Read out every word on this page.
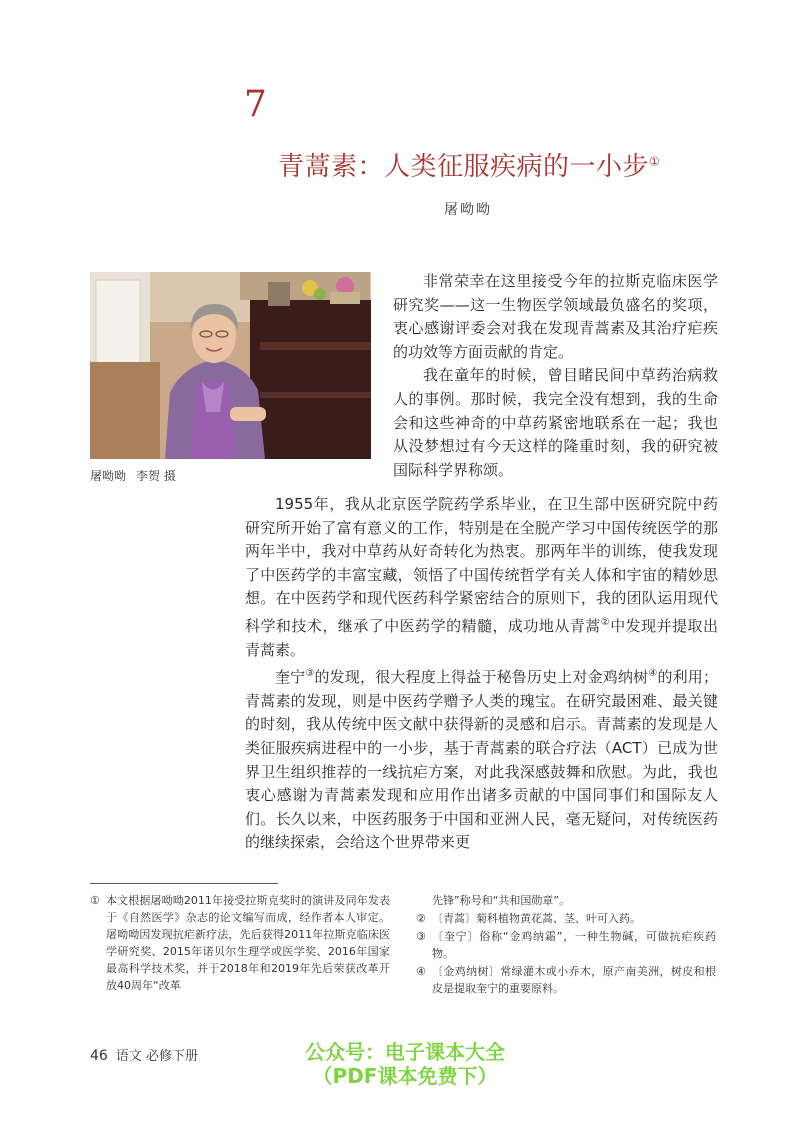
7
青蒿素：人类征服疾病的一小步①
屠呦呦
屠呦呦 李贺 摄

非常荣幸在这里接受今年的拉斯克临床医学研究奖——这一生物医学领域最负盛名的奖项，衷心感谢评委会对我在发现青蒿素及其治疗疟疾的功效等方面贡献的肯定。

我在童年的时候，曾目睹民间中草药治病救人的事例。那时候，我完全没有想到，我的生命会和这些神奇的中草药紧密地联系在一起；我也从没梦想过有今天这样的隆重时刻，我的研究被国际科学界称颂。

1955年，我从北京医学院药学系毕业，在卫生部中医研究院中药研究所开始了富有意义的工作，特别是在全脱产学习中国传统医学的那两年半中，我对中草药从好奇转化为热衷。那两年半的训练，使我发现了中医药学的丰富宝藏，领悟了中国传统哲学有关人体和宇宙的精妙思想。在中医药学和现代医药科学紧密结合的原则下，我的团队运用现代科学和技术，继承了中医药学的精髓，成功地从青蒿②中发现并提取出青蒿素。

奎宁③的发现，很大程度上得益于秘鲁历史上对金鸡纳树④的利用；青蒿素的发现，则是中医药学赠予人类的瑰宝。在研究最困难、最关键的时刻，我从传统中医文献中获得新的灵感和启示。青蒿素的发现是人类征服疾病进程中的一小步，基于青蒿素的联合疗法（ACT）已成为世界卫生组织推荐的一线抗疟方案，对此我深感鼓舞和欣慰。为此，我也衷心感谢为青蒿素发现和应用作出诸多贡献的中国同事们和国际友人们。长久以来，中医药服务于中国和亚洲人民，毫无疑问，对传统医药的继续探索，会给这个世界带来更

① 本文根据屠呦呦2011年接受拉斯克奖时的演讲及同年发表于《自然医学》杂志的论文编写而成，经作者本人审定。屠呦呦因发现抗疟新疗法，先后获得2011年拉斯克临床医学研究奖、2015年诺贝尔生理学或医学奖、2016年国家最高科学技术奖，并于2018年和2019年先后荣获改革开放40周年“改革
先锋”称号和“共和国勋章”。
② 〔青蒿〕菊科植物黄花蒿、茎、叶可入药。
③ 〔奎宁〕俗称“金鸡纳霜”，一种生物碱，可做抗疟疾药物。
④ 〔金鸡纳树〕常绿灌木或小乔木，原产南美洲，树皮和根皮是提取奎宁的重要原料。
46 语文 必修下册	公众号：电子课本大全
（PDF课本免费下）
